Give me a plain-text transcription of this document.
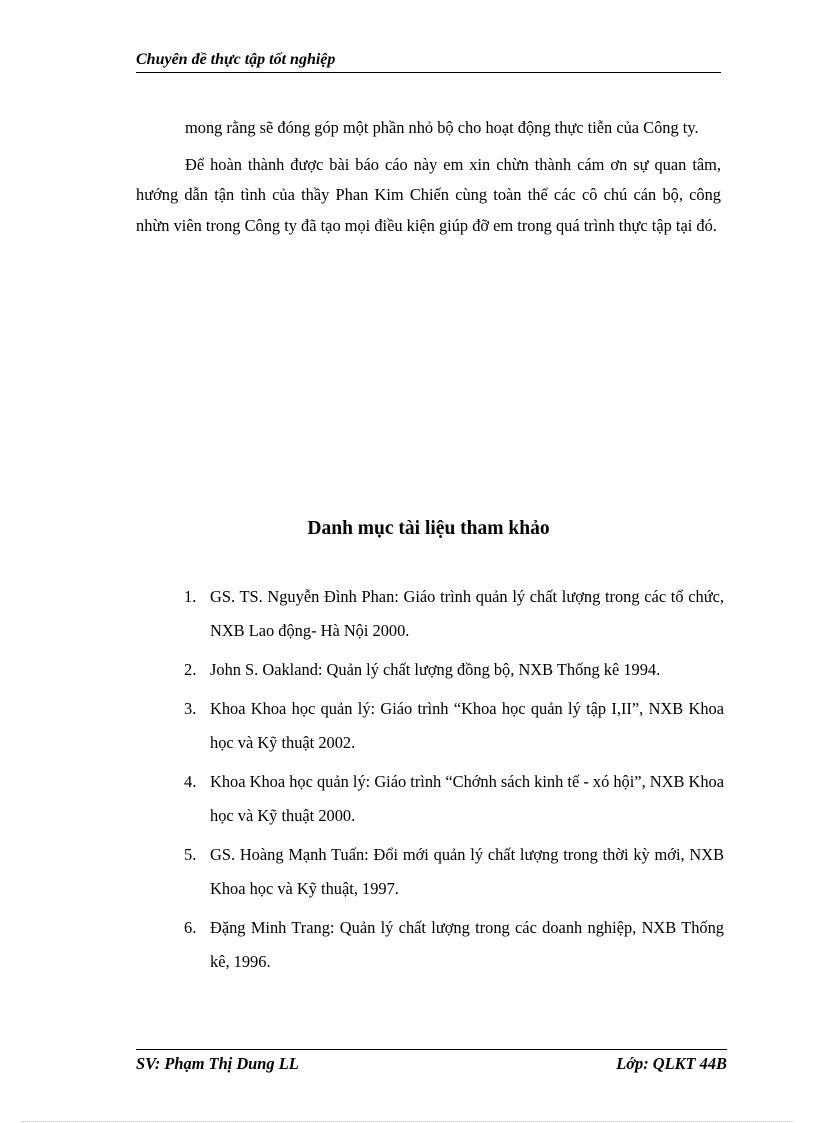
Chuyên đề thực tập tốt nghiệp

mong rằng sẽ đóng góp một phần nhỏ bộ cho hoạt động thực tiễn của Công ty.

Để hoàn thành được bài báo cáo này em xin chừn thành cám ơn sự quan tâm, hướng dẫn tận tình của thầy Phan Kim Chiến cùng toàn thể các cô chú cán bộ, công nhừn viên trong Công ty đã tạo mọi điều kiện giúp đỡ em trong quá trình thực tập tại đó.

Danh mục tài liệu tham khảo
1. GS. TS. Nguyễn Đình Phan: Giáo trình quản lý chất lượng trong các tổ chức, NXB Lao động- Hà Nội 2000.
2. John S. Oakland: Quản lý chất lượng đồng bộ, NXB Thống kê 1994.
3. Khoa Khoa học quản lý: Giáo trình “Khoa học quản lý tập I,II”, NXB Khoa học và Kỹ thuật 2002.
4. Khoa Khoa học quản lý: Giáo trình “Chớnh sách kinh tế - xó hội”, NXB Khoa học và Kỹ thuật 2000.
5. GS. Hoàng Mạnh Tuấn: Đổi mới quản lý chất lượng trong thời kỳ mới, NXB Khoa học và Kỹ thuật, 1997.
6. Đặng Minh Trang: Quản lý chất lượng trong các doanh nghiệp, NXB Thống kê, 1996.
SV: Phạm Thị Dung LL	Lớp: QLKT 44B
